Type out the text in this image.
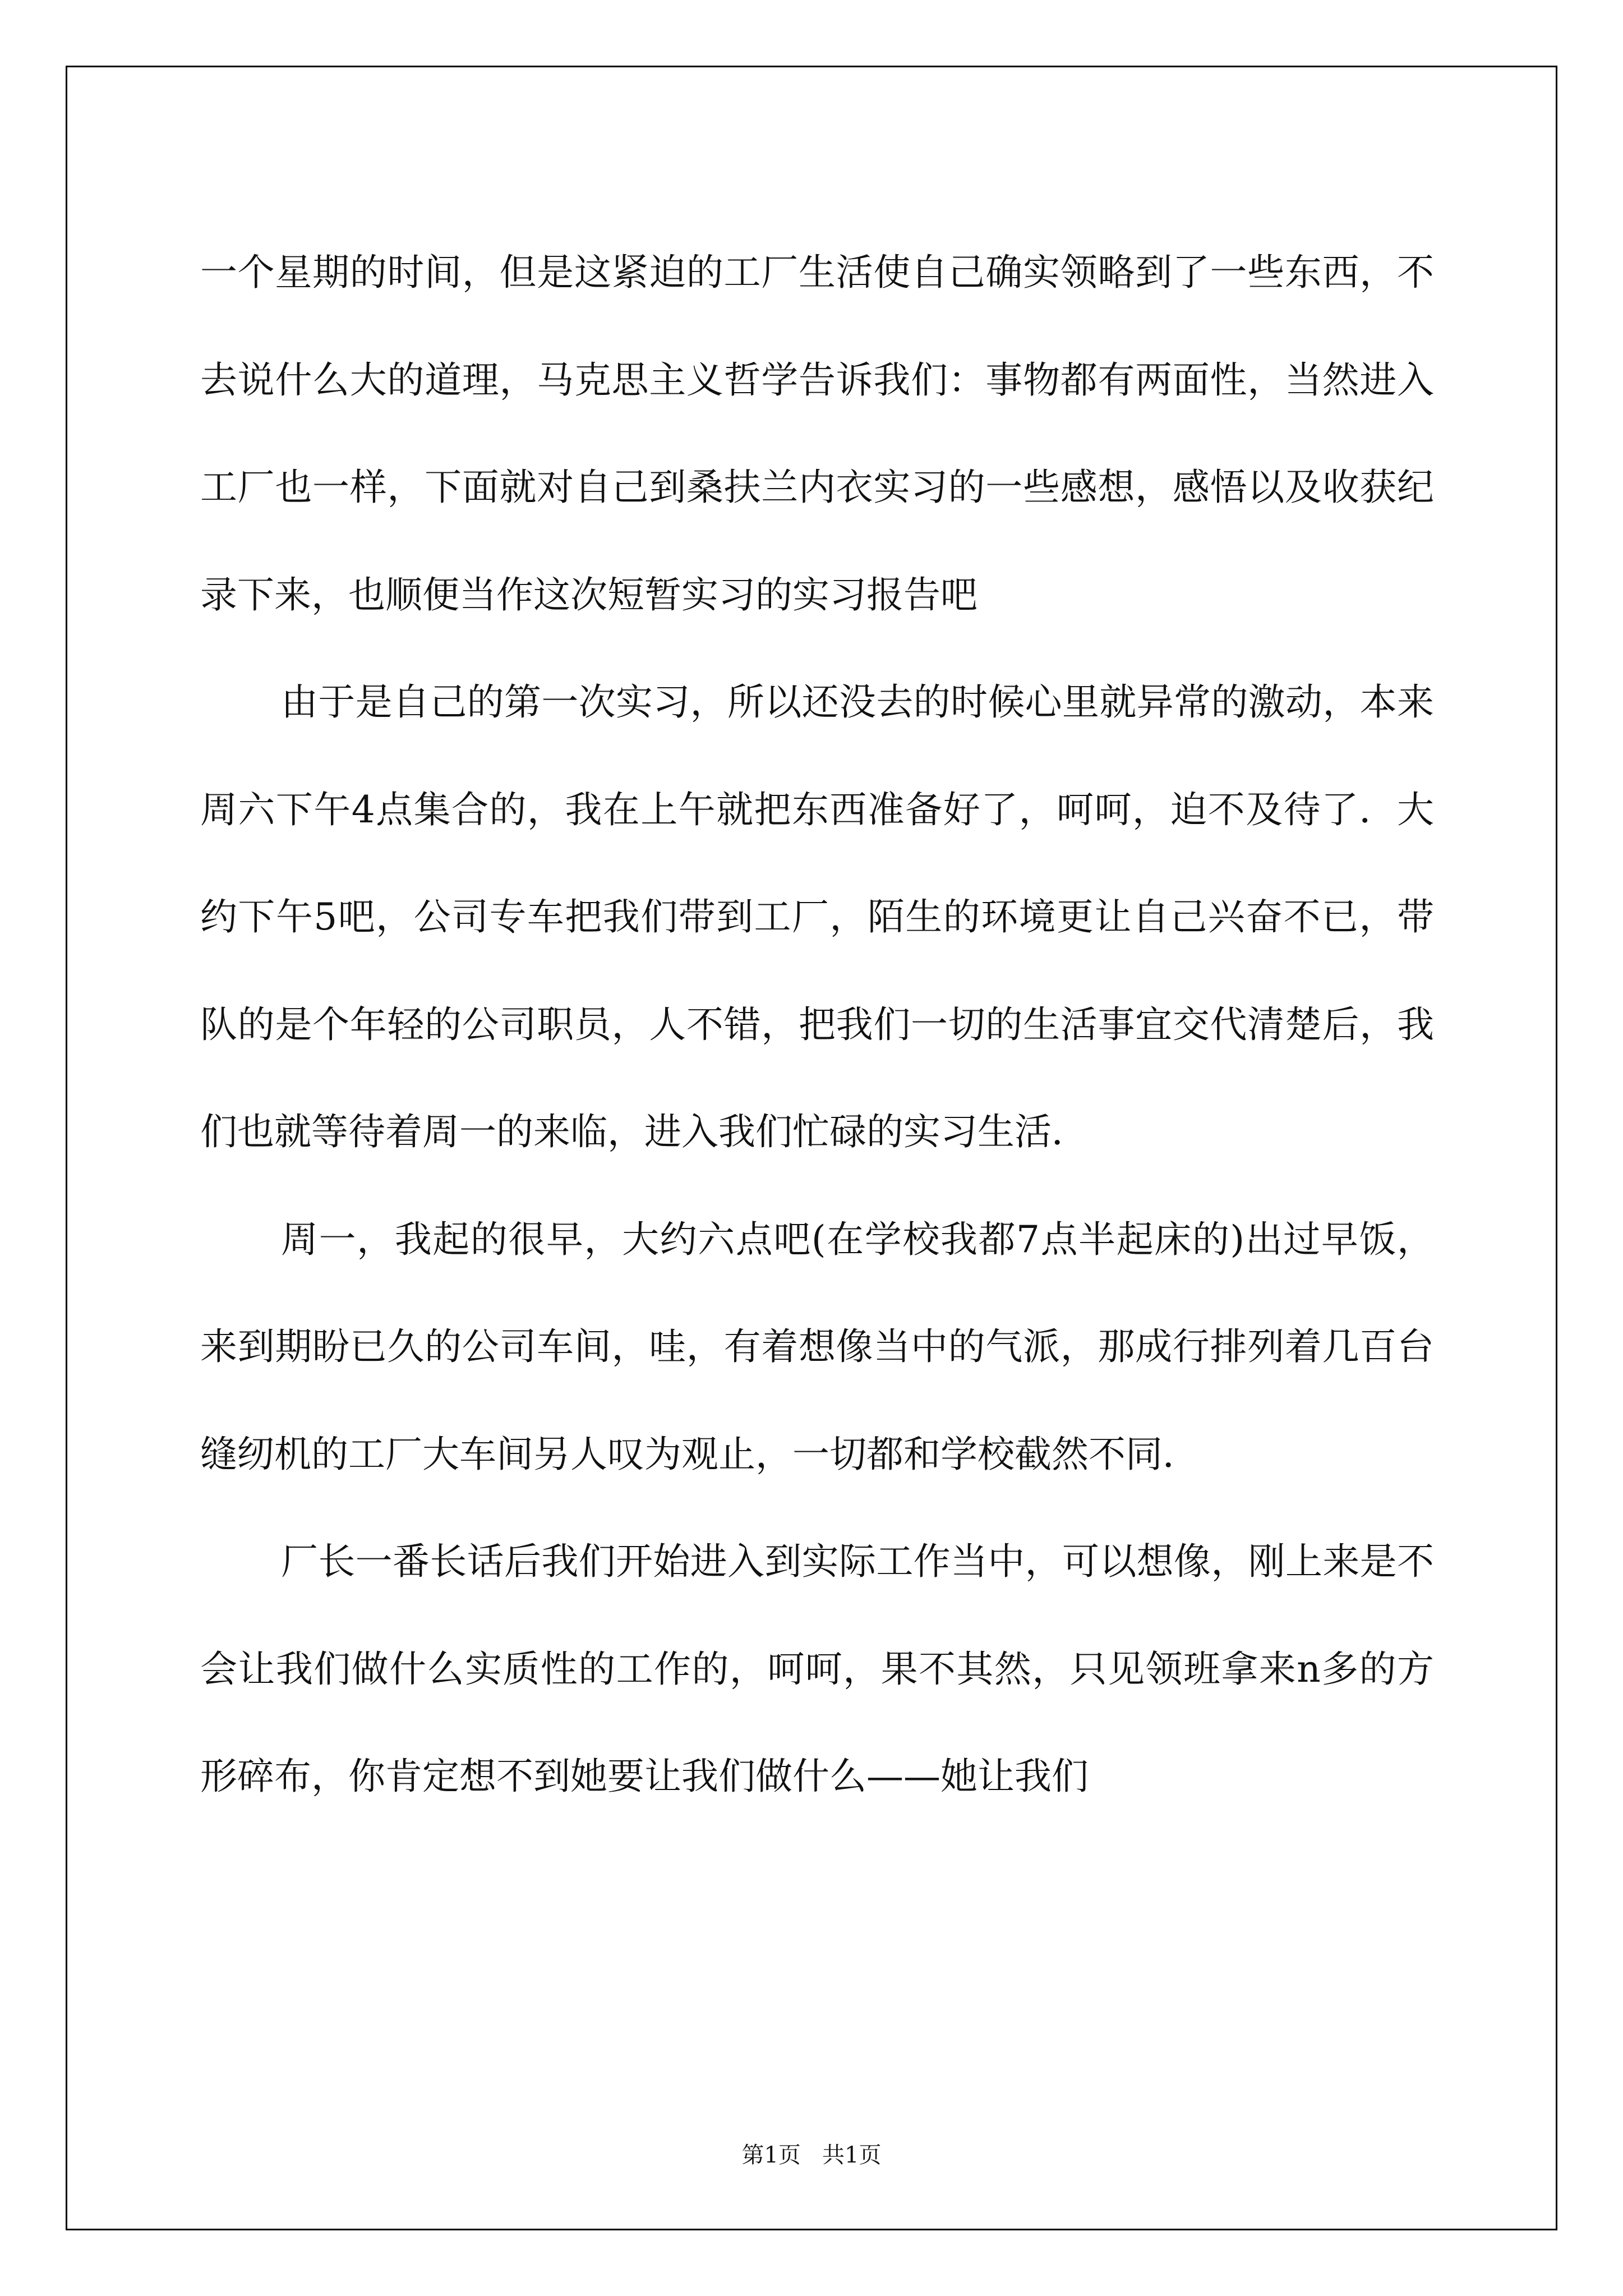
一个星期的时间，但是这紧迫的工厂生活使自己确实领略到了一些东西，不去说什么大的道理，马克思主义哲学告诉我们：事物都有两面性，当然进入工厂也一样，下面就对自己到桑扶兰内衣实习的一些感想，感悟以及收获纪录下来，也顺便当作这次短暂实习的实习报告吧

由于是自己的第一次实习，所以还没去的时候心里就异常的激动，本来周六下午4点集合的，我在上午就把东西准备好了，呵呵，迫不及待了．大约下午5吧，公司专车把我们带到工厂，陌生的环境更让自己兴奋不已，带队的是个年轻的公司职员，人不错，把我们一切的生活事宜交代清楚后，我们也就等待着周一的来临，进入我们忙碌的实习生活．

周一，我起的很早，大约六点吧(在学校我都7点半起床的)出过早饭，来到期盼已久的公司车间，哇，有着想像当中的气派，那成行排列着几百台缝纫机的工厂大车间另人叹为观止，一切都和学校截然不同．

厂长一番长话后我们开始进入到实际工作当中，可以想像，刚上来是不会让我们做什么实质性的工作的，呵呵，果不其然，只见领班拿来n多的方形碎布，你肯定想不到她要让我们做什么——她让我们

第1页   共1页
